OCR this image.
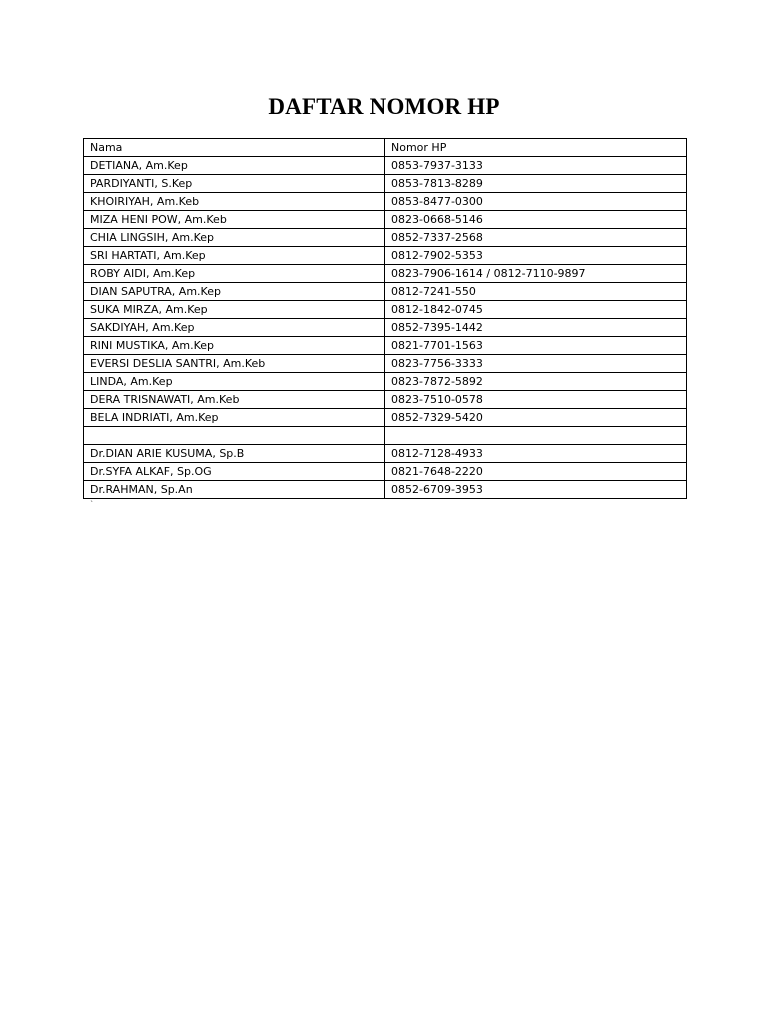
DAFTAR NOMOR HP
Nama	Nomor HP
DETIANA, Am.Kep	0853-7937-3133
PARDIYANTI, S.Kep	0853-7813-8289
KHOIRIYAH, Am.Keb	0853-8477-0300
MIZA HENI POW, Am.Keb	0823-0668-5146
CHIA LINGSIH, Am.Kep	0852-7337-2568
SRI HARTATI, Am.Kep	0812-7902-5353
ROBY AIDI, Am.Kep	0823-7906-1614 / 0812-7110-9897
DIAN SAPUTRA, Am.Kep	0812-7241-550
SUKA MIRZA, Am.Kep	0812-1842-0745
SAKDIYAH, Am.Kep	0852-7395-1442
RINI MUSTIKA, Am.Kep	0821-7701-1563
EVERSI DESLIA SANTRI, Am.Keb	0823-7756-3333
LINDA, Am.Kep	0823-7872-5892
DERA TRISNAWATI, Am.Keb	0823-7510-0578
BELA INDRIATI, Am.Kep	0852-7329-5420

Dr.DIAN ARIE KUSUMA, Sp.B	0812-7128-4933
Dr.SYFA ALKAF, Sp.OG	0821-7648-2220
Dr.RAHMAN, Sp.An	0852-6709-3953
`
